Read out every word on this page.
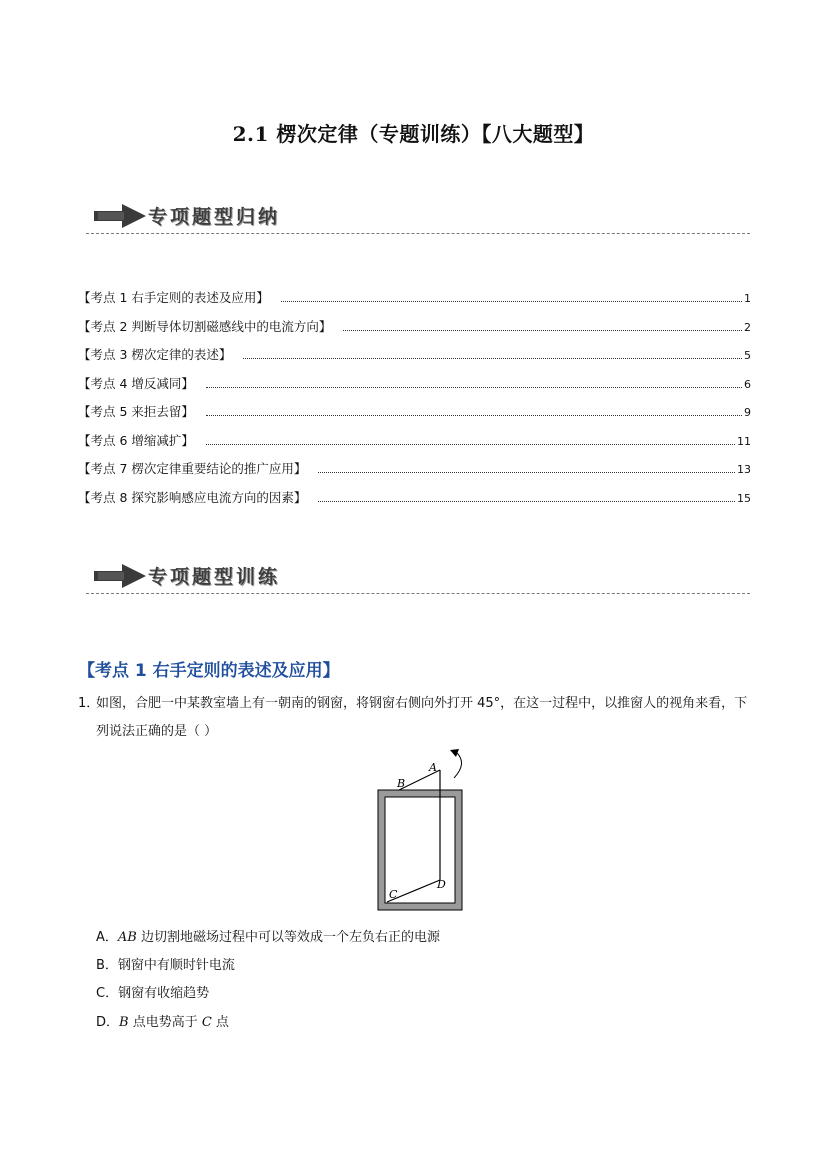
2.1 楞次定律（专题训练）【八大题型】
专项题型归纳
【考点 1 右手定则的表述及应用】	1
【考点 2 判断导体切割磁感线中的电流方向】	2
【考点 3 楞次定律的表述】	5
【考点 4 增反减同】	6
【考点 5 来拒去留】	9
【考点 6 增缩减扩】	11
【考点 7 楞次定律重要结论的推广应用】	13
【考点 8 探究影响感应电流方向的因素】	15
专项题型训练
【考点 1 右手定则的表述及应用】
1．
如图，合肥一中某教室墙上有一朝南的钢窗，将钢窗右侧向外打开 45°，在这一过程中，以推窗人的视角来看，下列说法正确的是（ ）
A
B
C
D
A．AB 边切割地磁场过程中可以等效成一个左负右正的电源
B．钢窗中有顺时针电流
C．钢窗有收缩趋势
D．B 点电势高于 C 点
